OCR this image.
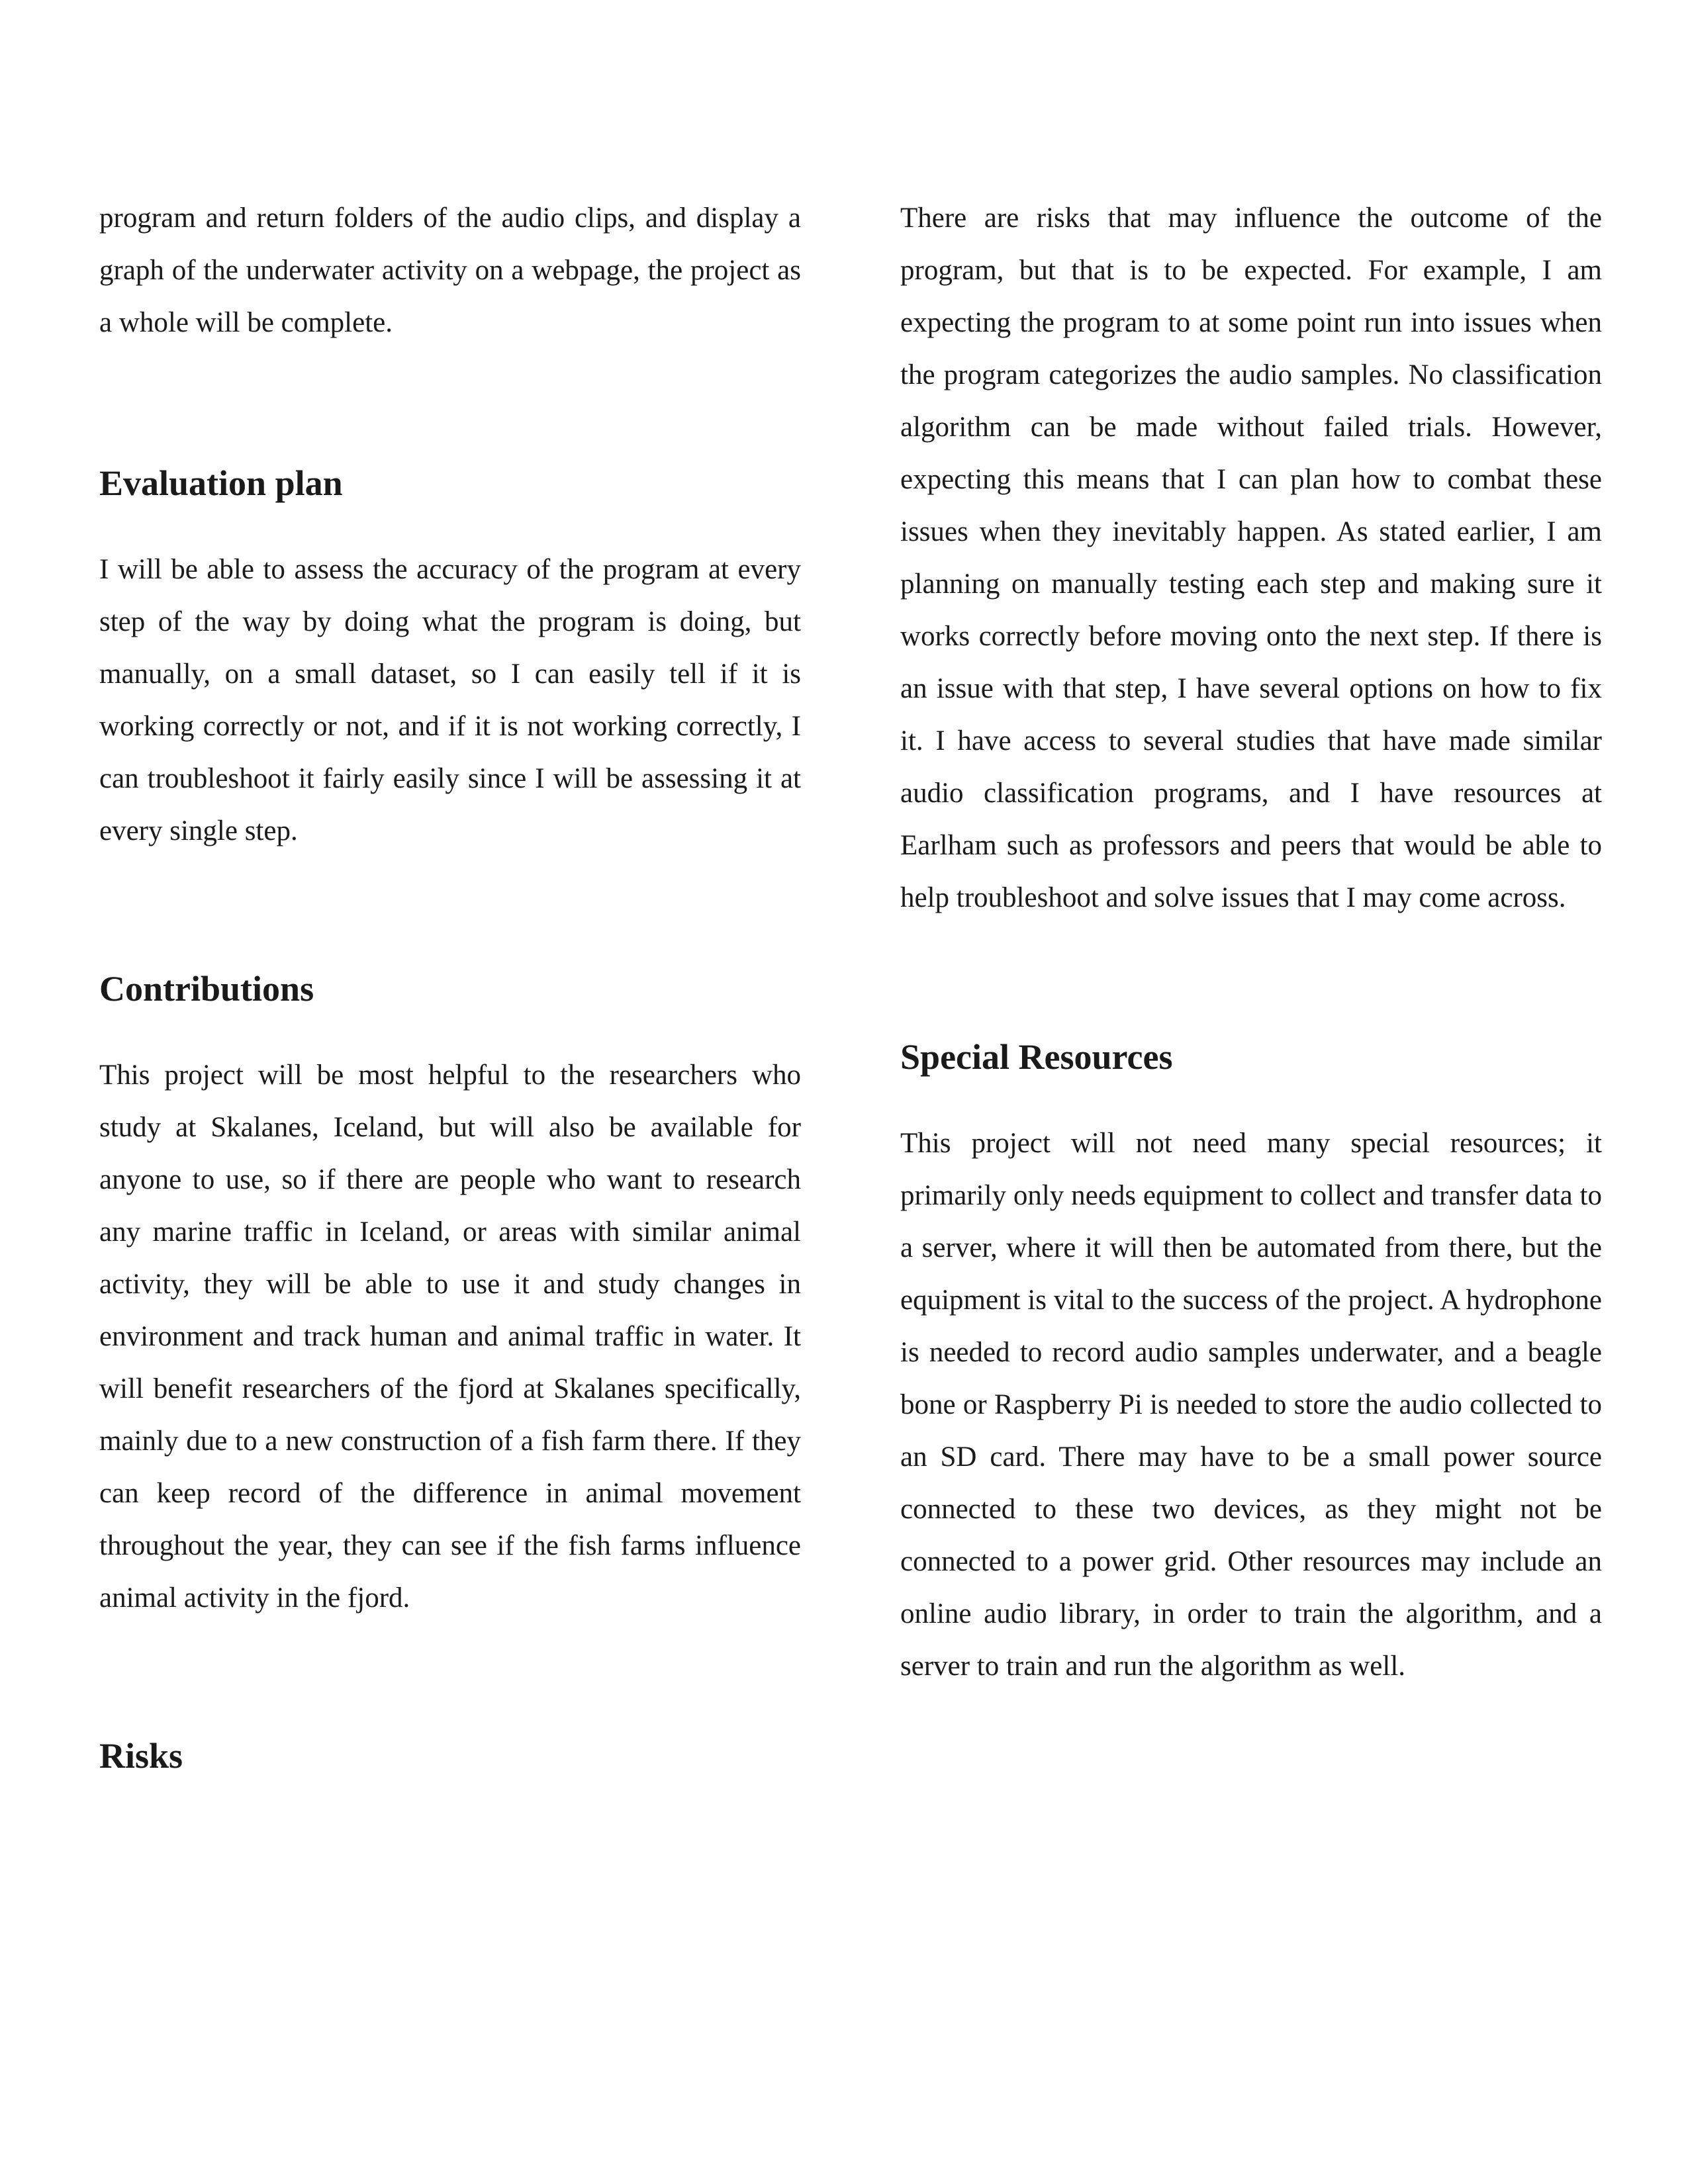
program and return folders of the audio clips, and display a graph of the underwater activity on a webpage, the project as a whole will be complete.

Evaluation plan

I will be able to assess the accuracy of the program at every step of the way by doing what the program is doing, but manually, on a small dataset, so I can easily tell if it is working correctly or not, and if it is not working correctly, I can troubleshoot it fairly easily since I will be assessing it at every single step.

Contributions

This project will be most helpful to the researchers who study at Skalanes, Iceland, but will also be available for anyone to use, so if there are people who want to research any marine traffic in Iceland, or areas with similar animal activity, they will be able to use it and study changes in environment and track human and animal traffic in water. It will benefit researchers of the fjord at Skalanes specifically, mainly due to a new construction of a fish farm there. If they can keep record of the difference in animal movement throughout the year, they can see if the fish farms influence animal activity in the fjord.

Risks

There are risks that may influence the outcome of the program, but that is to be expected. For example, I am expecting the program to at some point run into issues when the program categorizes the audio samples. No classification algorithm can be made without failed trials. However, expecting this means that I can plan how to combat these issues when they inevitably happen. As stated earlier, I am planning on manually testing each step and making sure it works correctly before moving onto the next step. If there is an issue with that step, I have several options on how to fix it. I have access to several studies that have made similar audio classification programs, and I have resources at Earlham such as professors and peers that would be able to help troubleshoot and solve issues that I may come across.

Special Resources

This project will not need many special resources; it primarily only needs equipment to collect and transfer data to a server, where it will then be automated from there, but the equipment is vital to the success of the project. A hydrophone is needed to record audio samples underwater, and a beagle bone or Raspberry Pi is needed to store the audio collected to an SD card. There may have to be a small power source connected to these two devices, as they might not be connected to a power grid. Other resources may include an online audio library, in order to train the algorithm, and a server to train and run the algorithm as well.
